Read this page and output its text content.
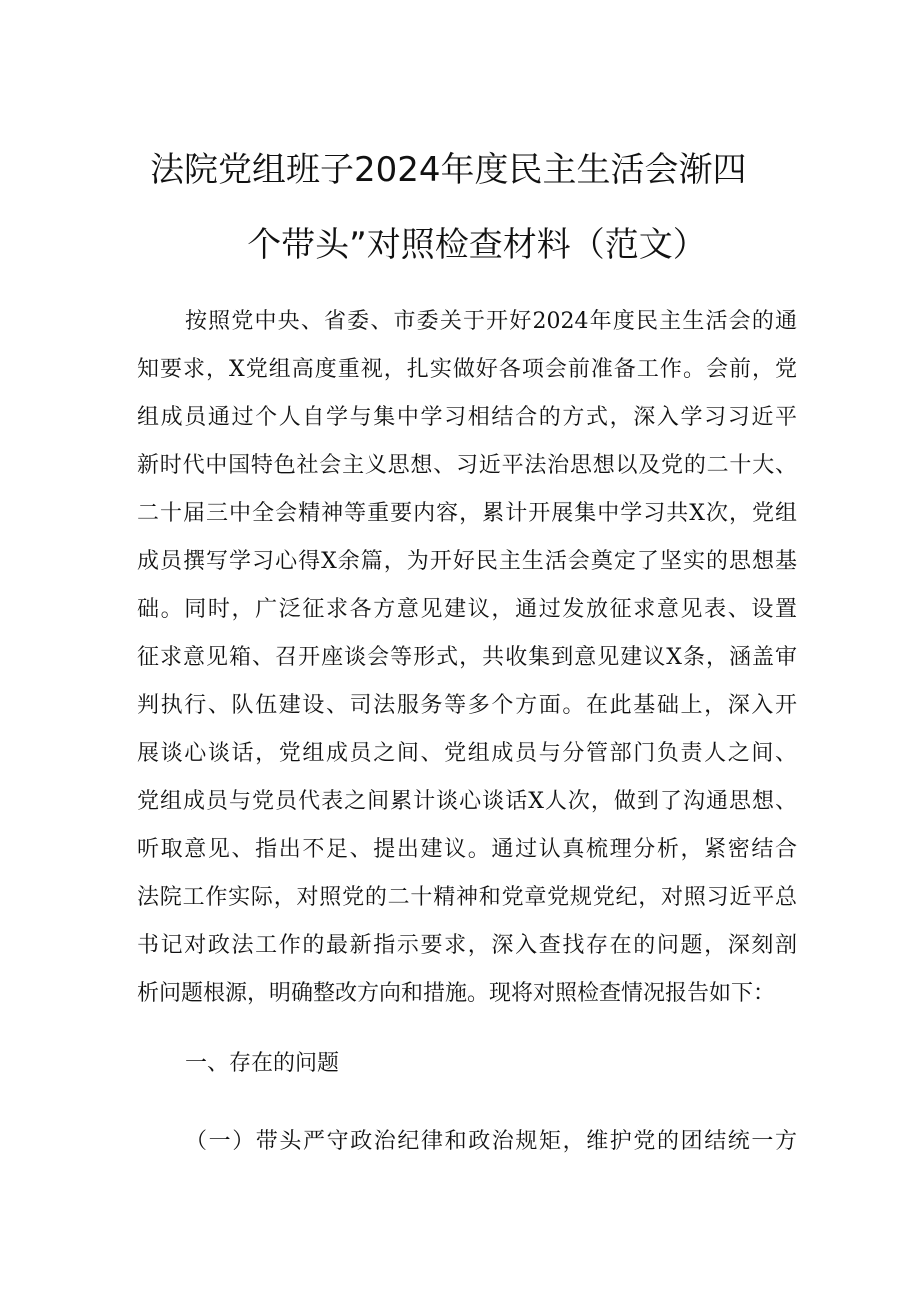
法院党组班子2024年度民主生活会渐四
个带头”对照检查材料（范文）
按照党中央、省委、市委关于开好2024年度民主生活会的通
知要求，X党组高度重视，扎实做好各项会前准备工作。会前，党
组成员通过个人自学与集中学习相结合的方式，深入学习习近平
新时代中国特色社会主义思想、习近平法治思想以及党的二十大、
二十届三中全会精神等重要内容，累计开展集中学习共X次，党组
成员撰写学习心得X余篇，为开好民主生活会奠定了坚实的思想基
础。同时，广泛征求各方意见建议，通过发放征求意见表、设置
征求意见箱、召开座谈会等形式，共收集到意见建议X条，涵盖审
判执行、队伍建设、司法服务等多个方面。在此基础上，深入开
展谈心谈话，党组成员之间、党组成员与分管部门负责人之间、
党组成员与党员代表之间累计谈心谈话X人次，做到了沟通思想、
听取意见、指出不足、提出建议。通过认真梳理分析，紧密结合
法院工作实际，对照党的二十精神和党章党规党纪，对照习近平总
书记对政法工作的最新指示要求，深入查找存在的问题，深刻剖
析问题根源，明确整改方向和措施。现将对照检查情况报告如下：
一、存在的问题
（一）带头严守政治纪律和政治规矩，维护党的团结统一方
